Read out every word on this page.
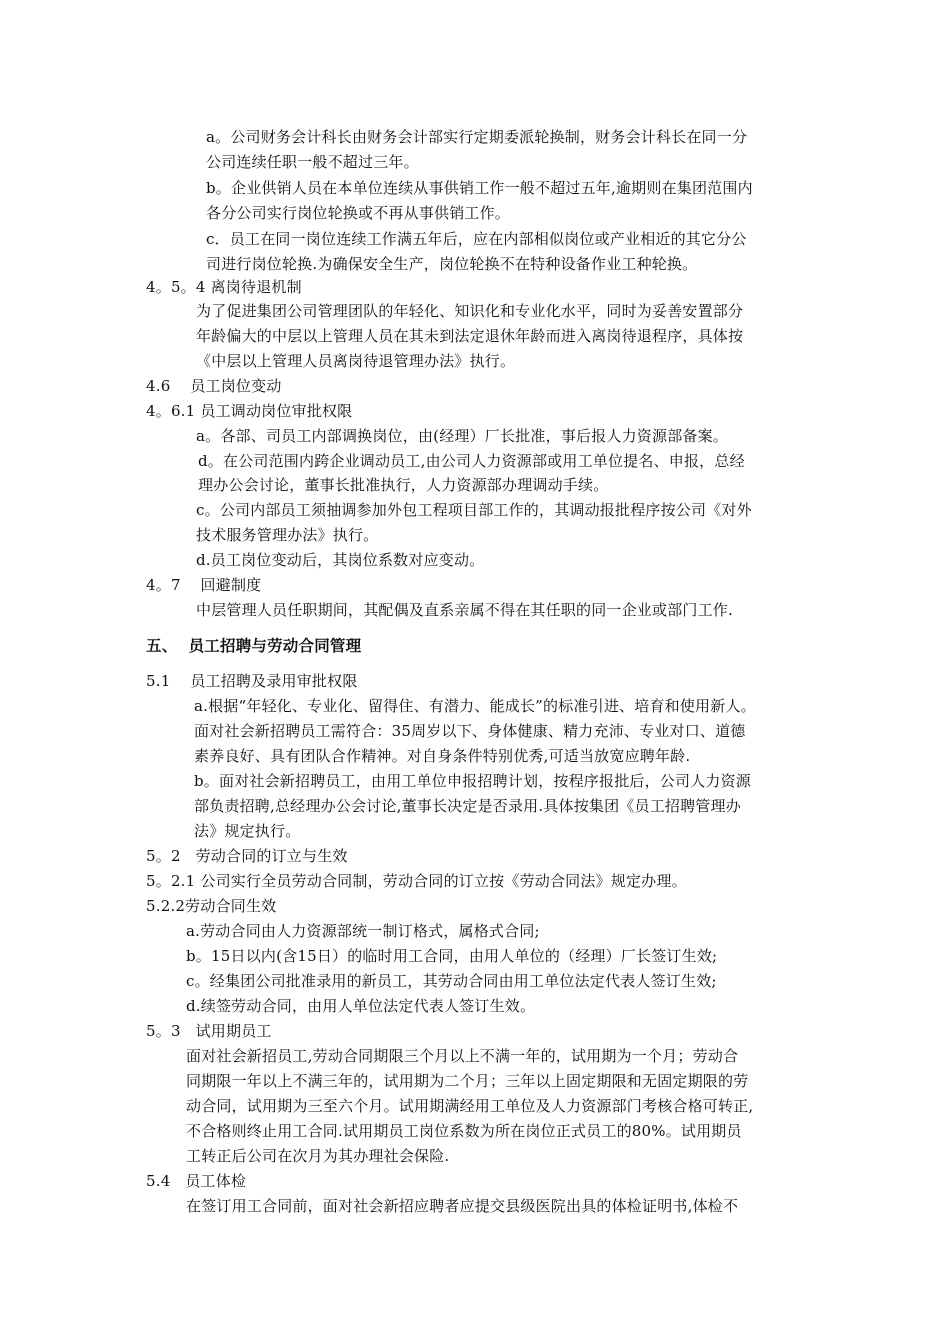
a。公司财务会计科长由财务会计部实行定期委派轮换制，财务会计科长在同一分
公司连续任职一般不超过三年。
b。企业供销人员在本单位连续从事供销工作一般不超过五年,逾期则在集团范围内
各分公司实行岗位轮换或不再从事供销工作。
c．员工在同一岗位连续工作满五年后，应在内部相似岗位或产业相近的其它分公
司进行岗位轮换.为确保安全生产，岗位轮换不在特种设备作业工种轮换。
4。5。4 离岗待退机制
为了促进集团公司管理团队的年轻化、知识化和专业化水平，同时为妥善安置部分
年龄偏大的中层以上管理人员在其未到法定退休年龄而进入离岗待退程序，具体按
《中层以上管理人员离岗待退管理办法》执行。
4.6    员工岗位变动
4。6.1 员工调动岗位审批权限
a。各部、司员工内部调换岗位，由(经理）厂长批准，事后报人力资源部备案。
d。在公司范围内跨企业调动员工,由公司人力资源部或用工单位提名、申报，总经
理办公会讨论，董事长批准执行，人力资源部办理调动手续。
c。公司内部员工须抽调参加外包工程项目部工作的，其调动报批程序按公司《对外
技术服务管理办法》执行。
d.员工岗位变动后，其岗位系数对应变动。
4。7    回避制度
中层管理人员任职期间，其配偶及直系亲属不得在其任职的同一企业或部门工作.
五、  员工招聘与劳动合同管理
5.1    员工招聘及录用审批权限
a.根据“年轻化、专业化、留得住、有潜力、能成长”的标准引进、培育和使用新人。
面对社会新招聘员工需符合：35周岁以下、身体健康、精力充沛、专业对口、道德
素养良好、具有团队合作精神。对自身条件特别优秀,可适当放宽应聘年龄.
b。面对社会新招聘员工，由用工单位申报招聘计划，按程序报批后，公司人力资源
部负责招聘,总经理办公会讨论,董事长决定是否录用.具体按集团《员工招聘管理办
法》规定执行。
5。2   劳动合同的订立与生效
5。2.1 公司实行全员劳动合同制，劳动合同的订立按《劳动合同法》规定办理。
5.2.2劳动合同生效
a.劳动合同由人力资源部统一制订格式，属格式合同;
b。15日以内(含15日）的临时用工合同，由用人单位的（经理）厂长签订生效;
c。经集团公司批准录用的新员工，其劳动合同由用工单位法定代表人签订生效;
d.续签劳动合同，由用人单位法定代表人签订生效。
5。3   试用期员工
面对社会新招员工,劳动合同期限三个月以上不满一年的，试用期为一个月；劳动合
同期限一年以上不满三年的，试用期为二个月；三年以上固定期限和无固定期限的劳
动合同，试用期为三至六个月。试用期满经用工单位及人力资源部门考核合格可转正,
不合格则终止用工合同.试用期员工岗位系数为所在岗位正式员工的80%。试用期员
工转正后公司在次月为其办理社会保险.
5.4   员工体检
在签订用工合同前，面对社会新招应聘者应提交县级医院出具的体检证明书,体检不
